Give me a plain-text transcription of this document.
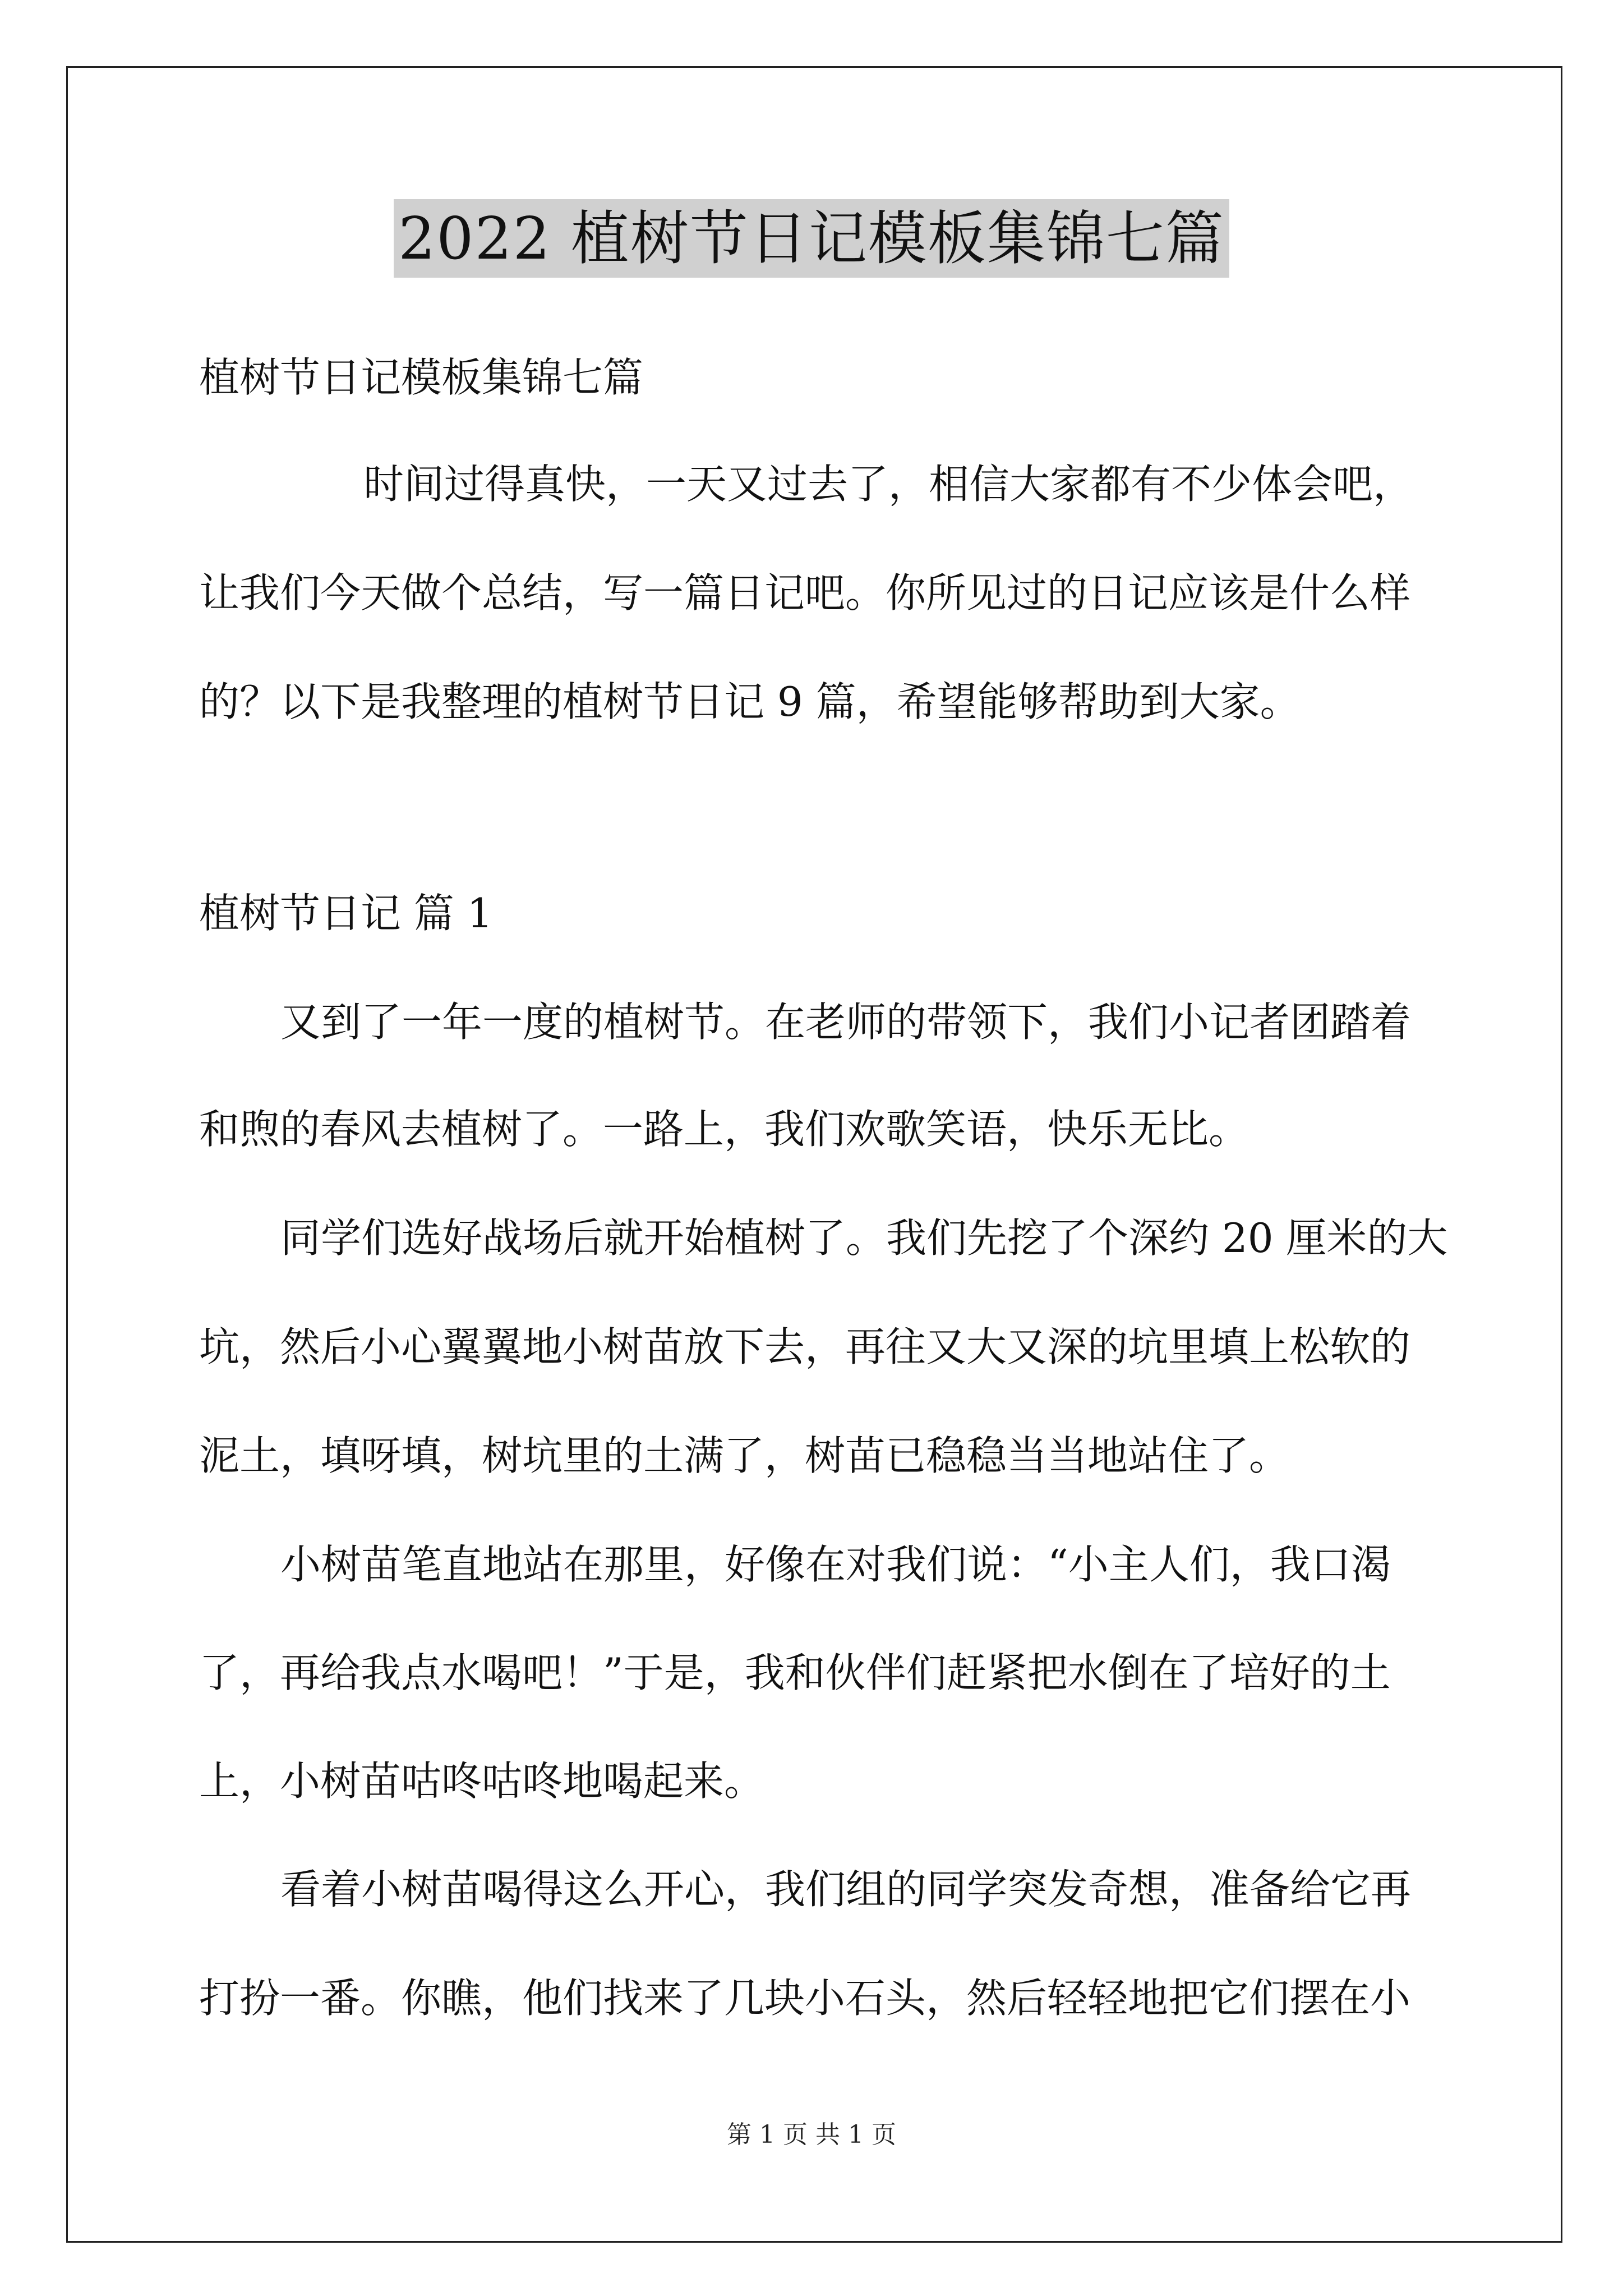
2022 植树节日记模板集锦七篇
植树节日记模板集锦七篇
时间过得真快，一天又过去了，相信大家都有不少体会吧，
让我们今天做个总结，写一篇日记吧。你所见过的日记应该是什么样
的？以下是我整理的植树节日记 9 篇，希望能够帮助到大家。
植树节日记 篇 1
又到了一年一度的植树节。在老师的带领下，我们小记者团踏着
和煦的春风去植树了。一路上，我们欢歌笑语，快乐无比。
同学们选好战场后就开始植树了。我们先挖了个深约 20 厘米的大
坑，然后小心翼翼地小树苗放下去，再往又大又深的坑里填上松软的
泥土，填呀填，树坑里的土满了，树苗已稳稳当当地站住了。
小树苗笔直地站在那里，好像在对我们说：“小主人们，我口渴
了，再给我点水喝吧！”于是，我和伙伴们赶紧把水倒在了培好的土
上，小树苗咕咚咕咚地喝起来。
看着小树苗喝得这么开心，我们组的同学突发奇想，准备给它再
打扮一番。你瞧，他们找来了几块小石头，然后轻轻地把它们摆在小
第 1 页 共 1 页
